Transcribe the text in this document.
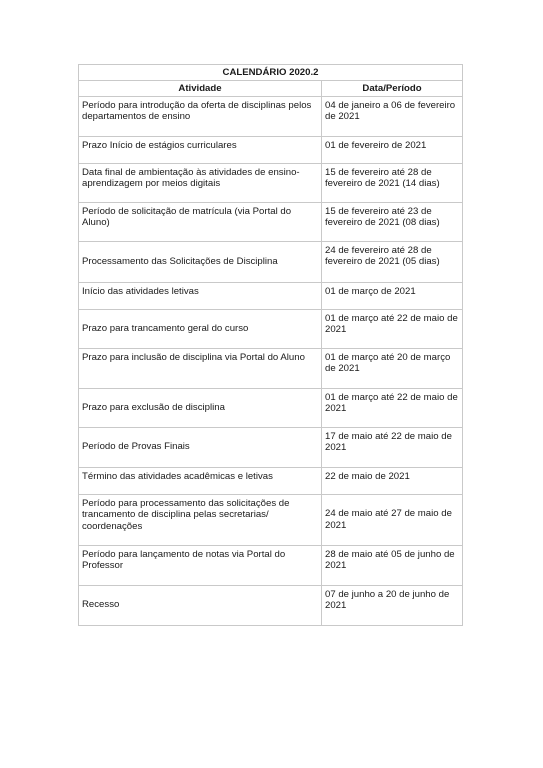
CALENDÁRIO 2020.2	
Atividade	Data/Período
Período para introdução da oferta de disciplinas pelos departamentos de ensino	04 de janeiro a 06 de fevereiro de 2021
Prazo Início de estágios curriculares	01 de fevereiro de 2021
Data final de ambientação às atividades de ensino-aprendizagem por meios digitais	15 de fevereiro até 28 de fevereiro de 2021 (14 dias)
Período de solicitação de matrícula (via Portal do Aluno)	15 de fevereiro até 23 de fevereiro de 2021 (08 dias)
Processamento das Solicitações de Disciplina	24 de fevereiro até 28 de fevereiro de 2021 (05 dias)
Início das atividades letivas	01 de março de 2021
Prazo para trancamento geral do curso	01 de março até 22 de maio de 2021
Prazo para inclusão de disciplina via Portal do Aluno	01 de março até 20 de março de 2021
Prazo para exclusão de disciplina	01 de março até 22 de maio de 2021
Período de Provas Finais	17 de maio até 22 de maio de 2021
Término das atividades acadêmicas e letivas	22 de maio de 2021
Período para processamento das solicitações de trancamento de disciplina pelas secretarias/ coordenações	24 de maio até 27 de maio de 2021
Período para lançamento de notas via Portal do Professor	28 de maio até 05 de junho de 2021
Recesso	07 de junho a 20 de junho de 2021
